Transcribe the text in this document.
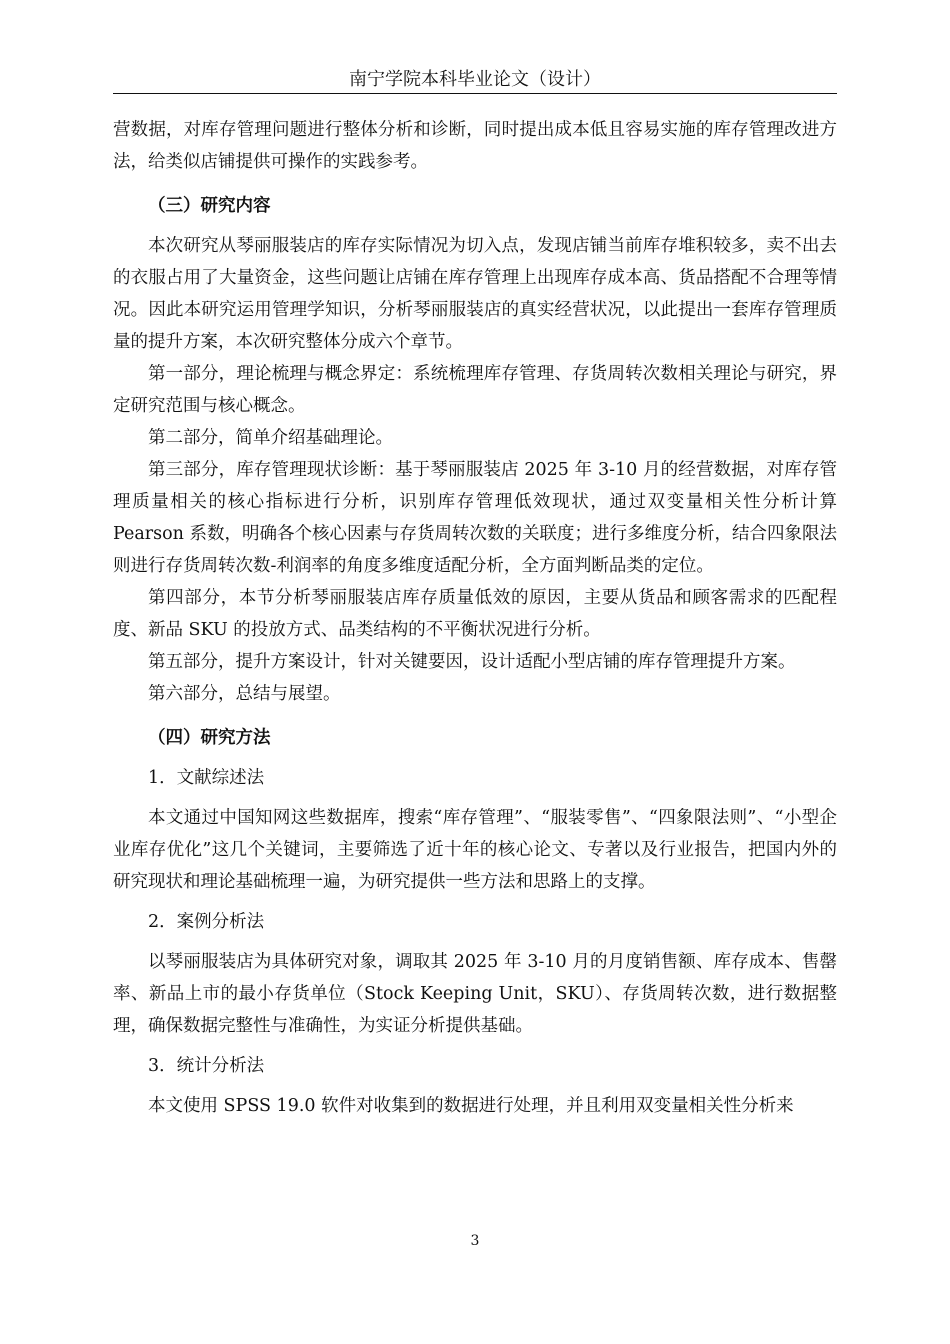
南宁学院本科毕业论文（设计）

营数据，对库存管理问题进行整体分析和诊断，同时提出成本低且容易实施的库存管理改进方法，给类似店铺提供可操作的实践参考。

（三）研究内容

本次研究从琴丽服装店的库存实际情况为切入点，发现店铺当前库存堆积较多，卖不出去的衣服占用了大量资金，这些问题让店铺在库存管理上出现库存成本高、货品搭配不合理等情况。因此本研究运用管理学知识，分析琴丽服装店的真实经营状况，以此提出一套库存管理质量的提升方案，本次研究整体分成六个章节。

第一部分，理论梳理与概念界定：系统梳理库存管理、存货周转次数相关理论与研究，界定研究范围与核心概念。

第二部分，简单介绍基础理论。

第三部分，库存管理现状诊断：基于琴丽服装店 2025 年 3-10 月的经营数据，对库存管理质量相关的核心指标进行分析，识别库存管理低效现状，通过双变量相关性分析计算 Pearson 系数，明确各个核心因素与存货周转次数的关联度；进行多维度分析，结合四象限法则进行存货周转次数-利润率的角度多维度适配分析，全方面判断品类的定位。

第四部分，本节分析琴丽服装店库存质量低效的原因，主要从货品和顾客需求的匹配程度、新品 SKU 的投放方式、品类结构的不平衡状况进行分析。

第五部分，提升方案设计，针对关键要因，设计适配小型店铺的库存管理提升方案。

第六部分，总结与展望。

（四）研究方法

1．文献综述法

本文通过中国知网这些数据库，搜索“库存管理”、“服装零售”、“四象限法则”、“小型企业库存优化”这几个关键词，主要筛选了近十年的核心论文、专著以及行业报告，把国内外的研究现状和理论基础梳理一遍，为研究提供一些方法和思路上的支撑。

2．案例分析法

以琴丽服装店为具体研究对象，调取其 2025 年 3-10 月的月度销售额、库存成本、售罄率、新品上市的最小存货单位（Stock Keeping Unit，SKU）、存货周转次数，进行数据整理，确保数据完整性与准确性，为实证分析提供基础。

3．统计分析法

本文使用 SPSS 19.0 软件对收集到的数据进行处理，并且利用双变量相关性分析来

3
